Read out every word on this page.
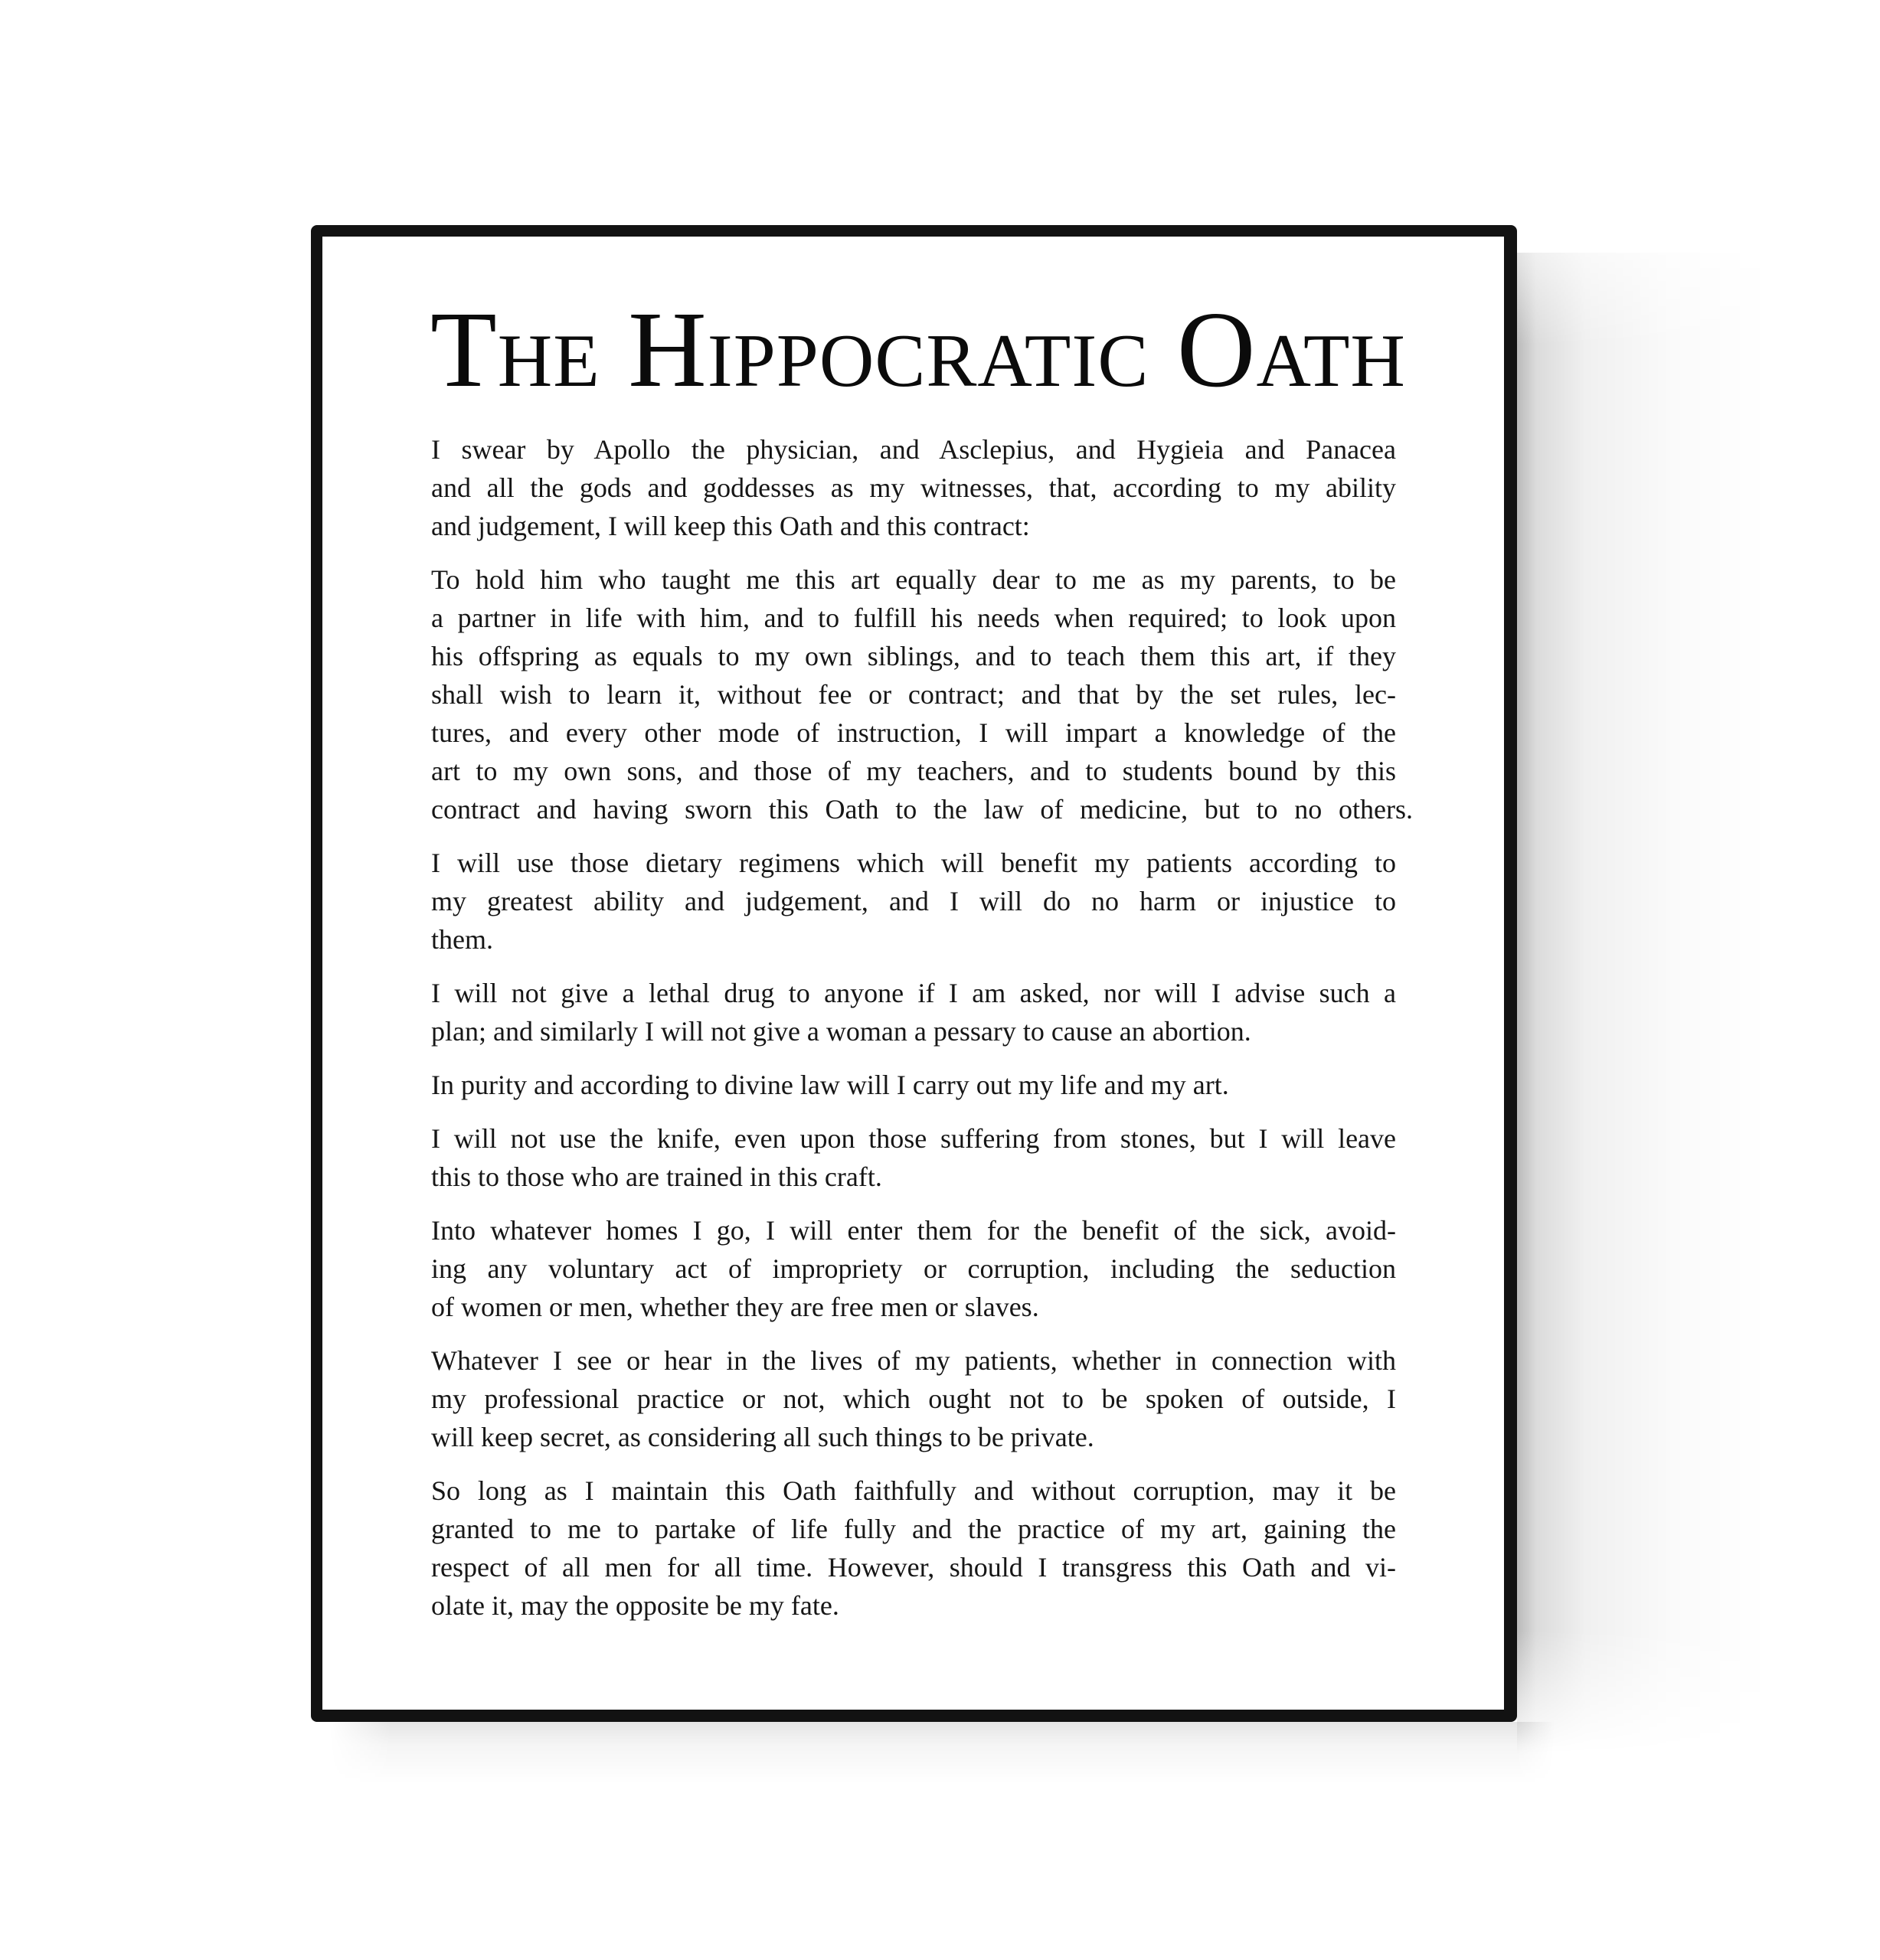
The Hippocratic Oath
I swear by Apollo the physician, and Asclepius, and Hygieia and Panacea
and all the gods and goddesses as my witnesses, that, according to my ability
and judgement, I will keep this Oath and this contract:
To hold him who taught me this art equally dear to me as my parents, to be
a partner in life with him, and to fulfill his needs when required; to look upon
his offspring as equals to my own siblings, and to teach them this art, if they
shall wish to learn it, without fee or contract; and that by the set rules, lec-
tures, and every other mode of instruction, I will impart a knowledge of the
art to my own sons, and those of my teachers, and to students bound by this
contract and having sworn this Oath to the law of medicine, but to no others.
I will use those dietary regimens which will benefit my patients according to
my greatest ability and judgement, and I will do no harm or injustice to
them.
I will not give a lethal drug to anyone if I am asked, nor will I advise such a
plan; and similarly I will not give a woman a pessary to cause an abortion.
In purity and according to divine law will I carry out my life and my art.
I will not use the knife, even upon those suffering from stones, but I will leave
this to those who are trained in this craft.
Into whatever homes I go, I will enter them for the benefit of the sick, avoid-
ing any voluntary act of impropriety or corruption, including the seduction
of women or men, whether they are free men or slaves.
Whatever I see or hear in the lives of my patients, whether in connection with
my professional practice or not, which ought not to be spoken of outside, I
will keep secret, as considering all such things to be private.
So long as I maintain this Oath faithfully and without corruption, may it be
granted to me to partake of life fully and the practice of my art, gaining the
respect of all men for all time. However, should I transgress this Oath and vi-
olate it, may the opposite be my fate.
